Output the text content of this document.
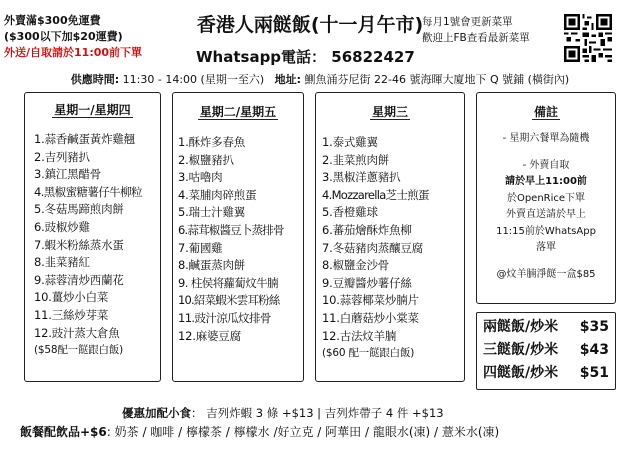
外賣滿$300免運費
($300以下加$20運費)
外送/自取請於11:00前下單
香港人兩餸飯(十一月午市)
Whatsapp電話： 56822427
每月1號會更新菜單
歡迎上FB查看最新菜單
供應時間: 11:30 - 14:00 (星期一至六) 地址: 鰂魚涌芬尼街 22-46 號海暉大廈地下 Q 號鋪 (橫街內)
星期一/星期四
1.蒜香鹹蛋黃炸雞翹
2.吉列豬扒
3.鎮江黑醋骨
4.黑椒蜜糖薯仔牛柳粒
5.冬菇馬蹄煎肉餅
6.豉椒炒雞
7.蝦米粉絲蒸水蛋
8.韭菜豬紅
9.蒜蓉清炒西蘭花
10.薑炒小白菜
11.三絲炒芽菜
12.豉汁蒸大倉魚
($58配一餸跟白飯)
星期二/星期五
1.酥炸多春魚
2.椒鹽豬扒
3.咕嚕肉
4.菜脯肉碎煎蛋
5.瑞士汁雞翼
6.蒜茸椒醬豆卜蒸排骨
7.葡國雞
8.鹹蛋蒸肉餅
9. 柱侯将蘿蔔炆牛腩
10.紹菜蝦米雲耳粉絲
11.豉汁涼瓜炆排骨
12.麻婆豆腐
星期三
1.泰式雞翼
2.韭菜煎肉餅
3.黑椒洋蔥豬扒
4.Mozzarella芝士煎蛋
5.香橙雞球
6.蕃茄燴酥炸魚柳
7.冬菇豬肉蒸釀豆腐
8.椒鹽金沙骨
9.豆瓣醬炒薯仔絲
10.蒜蓉椰菜炒腩片
11.白蘑菇炒小棠菜
12.古法炆羊腩
($60 配一餸跟白飯)
備註
- 星期六餐單為隨機
- 外賣自取
請於早上11:00前
於OpenRice下單
外賣直送請於早上
11:15前於WhatsApp
落單
@炆羊腩淨餸一盒$85
兩餸飯/炒米 $35
三餸飯/炒米 $43
四餸飯/炒米 $51
優惠加配小食： 吉列炸蝦 3 條 +$13 | 吉列炸帶子 4 件 +$13
飯餐配飲品+$6: 奶茶 / 咖啡 / 檸檬茶 / 檸檬水 /好立克 / 阿華田 / 龍眼水(凍) / 薏米水(凍)
